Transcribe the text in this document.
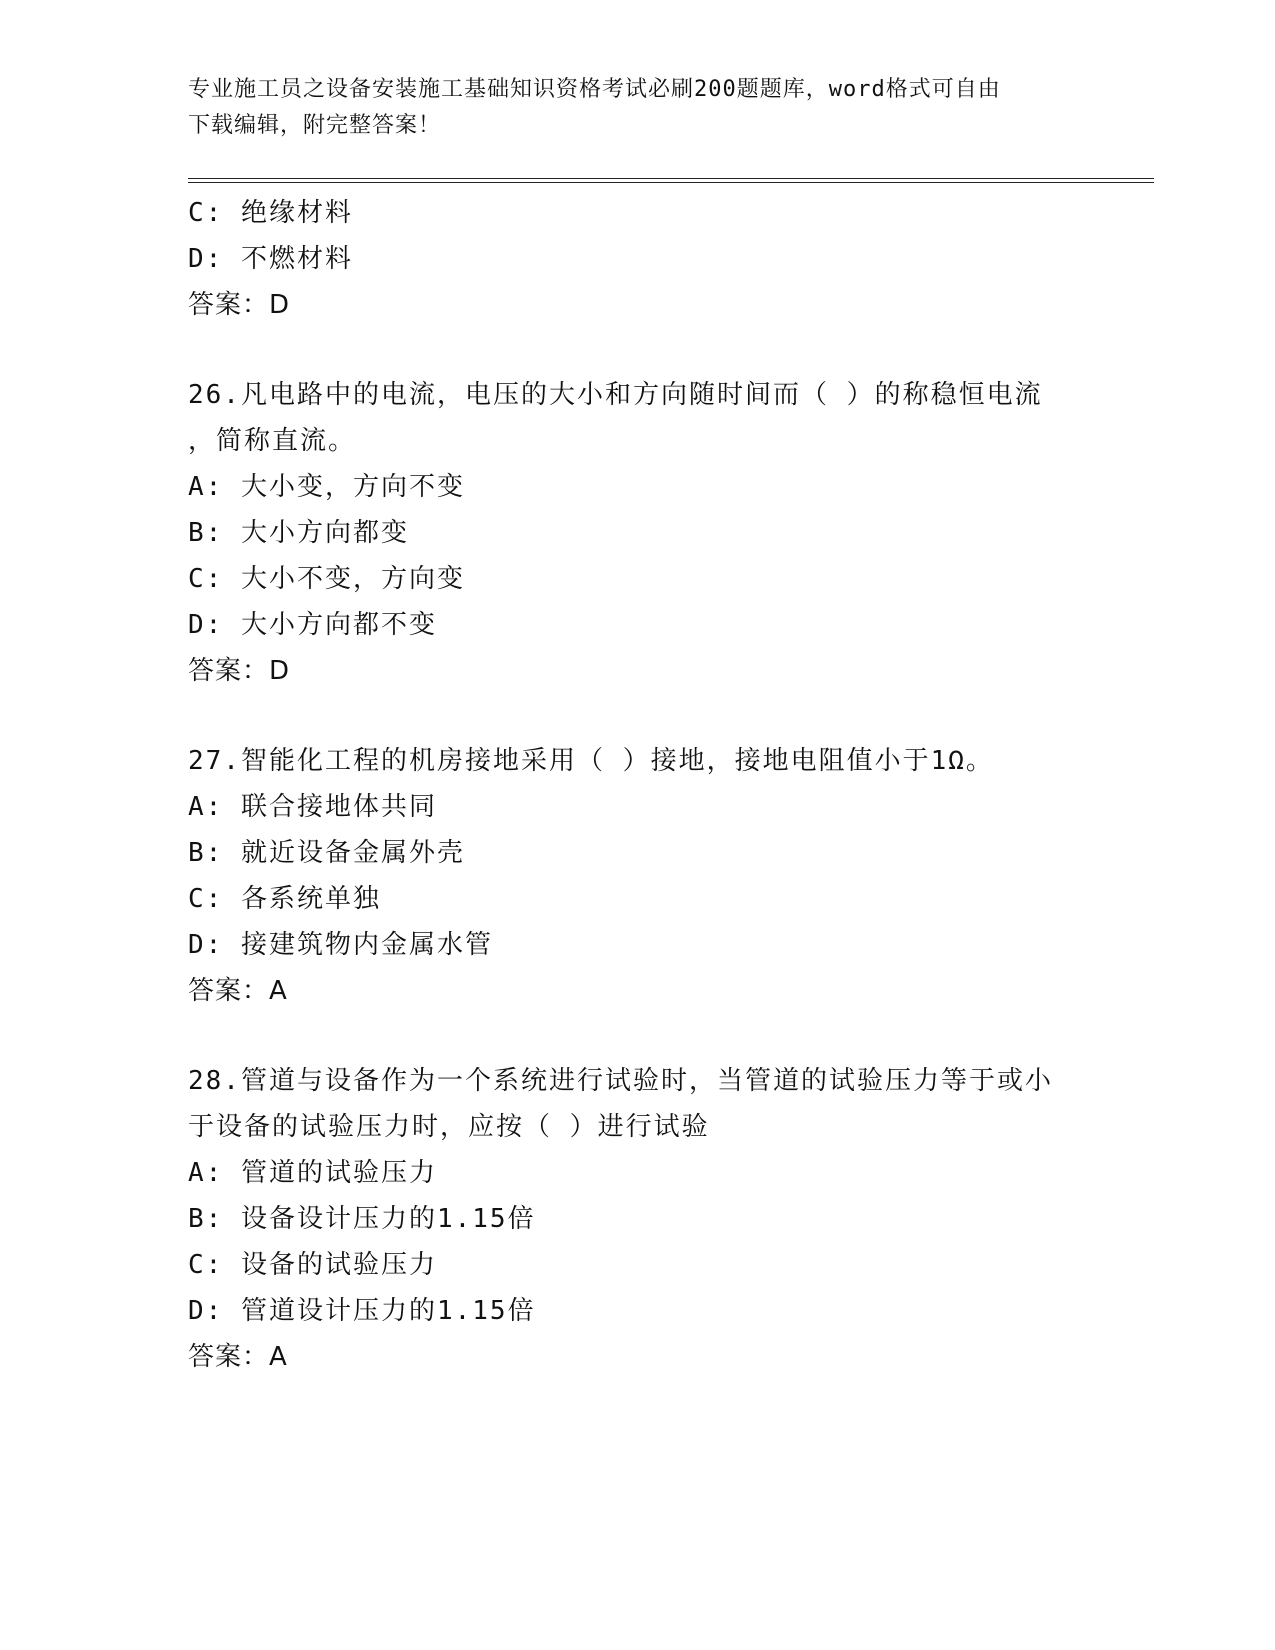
专业施工员之设备安装施工基础知识资格考试必刷200题题库，word格式可自由
下载编辑，附完整答案！
C: 绝缘材料
D: 不燃材料
答案：D
26.凡电路中的电流，电压的大小和方向随时间而（ ）的称稳恒电流
，简称直流。
A: 大小变，方向不变
B: 大小方向都变
C: 大小不变，方向变
D: 大小方向都不变
答案：D
27.智能化工程的机房接地采用（ ）接地，接地电阻值小于1Ω。
A: 联合接地体共同
B: 就近设备金属外壳
C: 各系统单独
D: 接建筑物内金属水管
答案：A
28.管道与设备作为一个系统进行试验时，当管道的试验压力等于或小
于设备的试验压力时，应按（ ）进行试验
A: 管道的试验压力
B: 设备设计压力的1.15倍
C: 设备的试验压力
D: 管道设计压力的1.15倍
答案：A
